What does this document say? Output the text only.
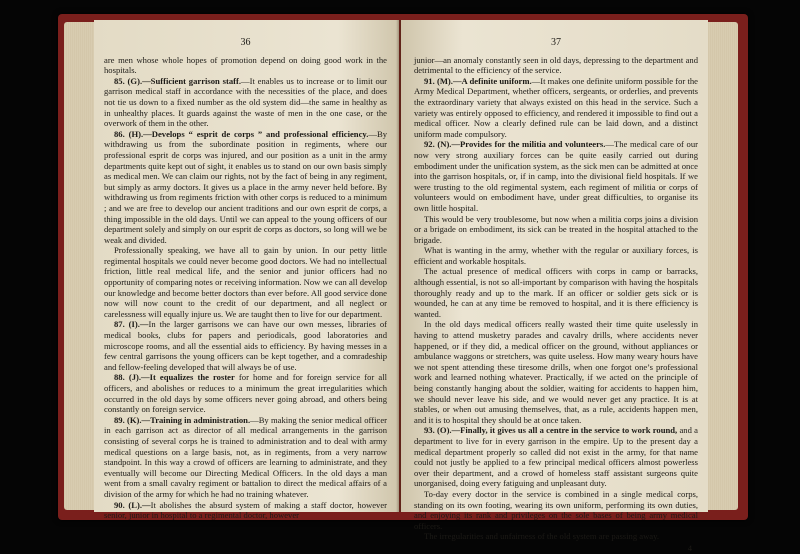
36

are men whose whole hopes of promotion depend on doing good work in the hospitals.

85. (G).—Sufficient garrison staff.—It enables us to increase or to limit our garrison medical staff in accordance with the necessities of the place, and does not tie us down to a fixed number as the old system did—the same in healthy as in unhealthy places. It guards against the waste of men in the one case, or the overwork of them in the other.

86. (H).—Develops “ esprit de corps ” and professional efficiency.—By withdrawing us from the subordinate position in regiments, where our professional esprit de corps was injured, and our position as a unit in the army departments quite kept out of sight, it enables us to stand on our own basis simply as medical men. We can claim our rights, not by the fact of being in any regiment, but simply as army doctors. It gives us a place in the army never held before. By withdrawing us from regiments friction with other corps is reduced to a minimum ; and we are free to develop our ancient traditions and our own esprit de corps, a thing impossible in the old days. Until we can appeal to the young officers of our department solely and simply on our esprit de corps as doctors, so long will we be weak and divided.

Professionally speaking, we have all to gain by union. In our petty little regimental hospitals we could never become good doctors. We had no intellectual friction, little real medical life, and the senior and junior officers had no opportunity of comparing notes or receiving information. Now we can all develop our knowledge and become better doctors than ever before. All good service done now will now count to the credit of our department, and all neglect or carelessness will equally injure us. We are taught then to live for our department.

87. (I).—In the larger garrisons we can have our own messes, libraries of medical books, clubs for papers and periodicals, good laboratories and microscope rooms, and all the essential aids to efficiency. By having messes in a few central garrisons the young officers can be kept together, and a comradeship and fellow-feeling developed that will always be of use.

88. (J).—It equalizes the roster for home and for foreign service for all officers, and abolishes or reduces to a minimum the great irregularities which occurred in the old days by some officers never going abroad, and others being constantly on foreign service.

89. (K).—Training in administration.—By making the senior medical officer in each garrison act as director of all medical arrangements in the garrison consisting of several corps he is trained to administration and to deal with army medical questions on a large basis, not, as in regiments, from a very narrow standpoint. In this way a crowd of officers are learning to administrate, and they eventually will become our Directing Medical Officers. In the old days a man went from a small cavalry regiment or battalion to direct the medical affairs of a division of the army for which he had no training whatever.

90. (L).—It abolishes the absurd system of making a staff doctor, however senior, junior in hospital to a regimental doctor, however

37

junior—an anomaly constantly seen in old days, depressing to the department and detrimental to the efficiency of the service.

91. (M).—A definite uniform.—It makes one definite uniform possible for the Army Medical Department, whether officers, sergeants, or orderlies, and prevents the extraordinary variety that always existed on this head in the service. Such a variety was entirely opposed to efficiency, and rendered it impossible to find out a medical officer. Now a clearly defined rule can be laid down, and a distinct uniform made compulsory.

92. (N).—Provides for the militia and volunteers.—The medical care of our now very strong auxiliary forces can be quite easily carried out during embodiment under the unification system, as the sick men can be admitted at once into the garrison hospitals, or, if in camp, into the divisional field hospitals. If we were trusting to the old regimental system, each regiment of militia or corps of volunteers would on embodiment have, under great difficulties, to organise its own little hospital.

This would be very troublesome, but now when a militia corps joins a division or a brigade on embodiment, its sick can be treated in the hospital attached to the brigade.

What is wanting in the army, whether with the regular or auxiliary forces, is efficient and workable hospitals.

The actual presence of medical officers with corps in camp or barracks, although essential, is not so all-important by comparison with having the hospitals thoroughly ready and up to the mark. If an officer or soldier gets sick or is wounded, he can at any time be removed to hospital, and it is there efficiency is wanted.

In the old days medical officers really wasted their time quite uselessly in having to attend musketry parades and cavalry drills, where accidents never happened, or if they did, a medical officer on the ground, without appliances or ambulance waggons or stretchers, was quite useless. How many weary hours have we not spent attending these tiresome drills, when one forgot one’s professional work and learned nothing whatever. Practically, if we acted on the principle of being constantly hanging about the soldier, waiting for accidents to happen him, we should never leave his side, and we would never get any practice. It is at stables, or when out amusing themselves, that, as a rule, accidents happen men, and it is to hospital they should be at once taken.

93. (O).—Finally, it gives us all a centre in the service to work round, and a department to live for in every garrison in the empire. Up to the present day a medical department properly so called did not exist in the army, for that name could not justly be applied to a few principal medical officers almost powerless over their department, and a crowd of homeless staff assistant surgeons quite unorganised, doing every fatiguing and unpleasant duty.

To-day every doctor in the service is combined in a single medical corps, standing on its own footing, wearing its own uniform, performing its own duties, and enjoying its rank and privileges on the sole bases of being army medical officers.

The irregularities and unfairness of the old system are passing away.

4
